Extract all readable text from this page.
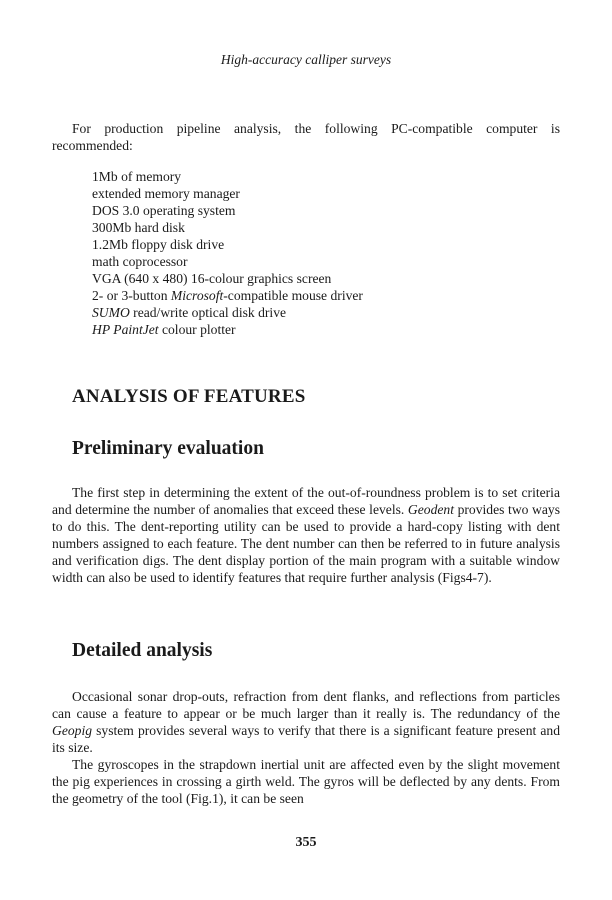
High-accuracy calliper surveys

For production pipeline analysis, the following PC-compatible computer is recommended:

1Mb of memory
extended memory manager
DOS 3.0 operating system
300Mb hard disk
1.2Mb floppy disk drive
math coprocessor
VGA (640 x 480) 16-colour graphics screen
2- or 3-button Microsoft-compatible mouse driver
SUMO read/write optical disk drive
HP PaintJet colour plotter
ANALYSIS OF FEATURES
Preliminary evaluation

The first step in determining the extent of the out-of-roundness problem is to set criteria and determine the number of anomalies that exceed these levels. Geodent provides two ways to do this. The dent-reporting utility can be used to provide a hard-copy listing with dent numbers assigned to each feature. The dent number can then be referred to in future analysis and verification digs. The dent display portion of the main program with a suitable window width can also be used to identify features that require further analysis (Figs4-7).

Detailed analysis

Occasional sonar drop-outs, refraction from dent flanks, and reflections from particles can cause a feature to appear or be much larger than it really is. The redundancy of the Geopig system provides several ways to verify that there is a significant feature present and its size.

The gyroscopes in the strapdown inertial unit are affected even by the slight movement the pig experiences in crossing a girth weld. The gyros will be deflected by any dents. From the geometry of the tool (Fig.1), it can be seen

355
